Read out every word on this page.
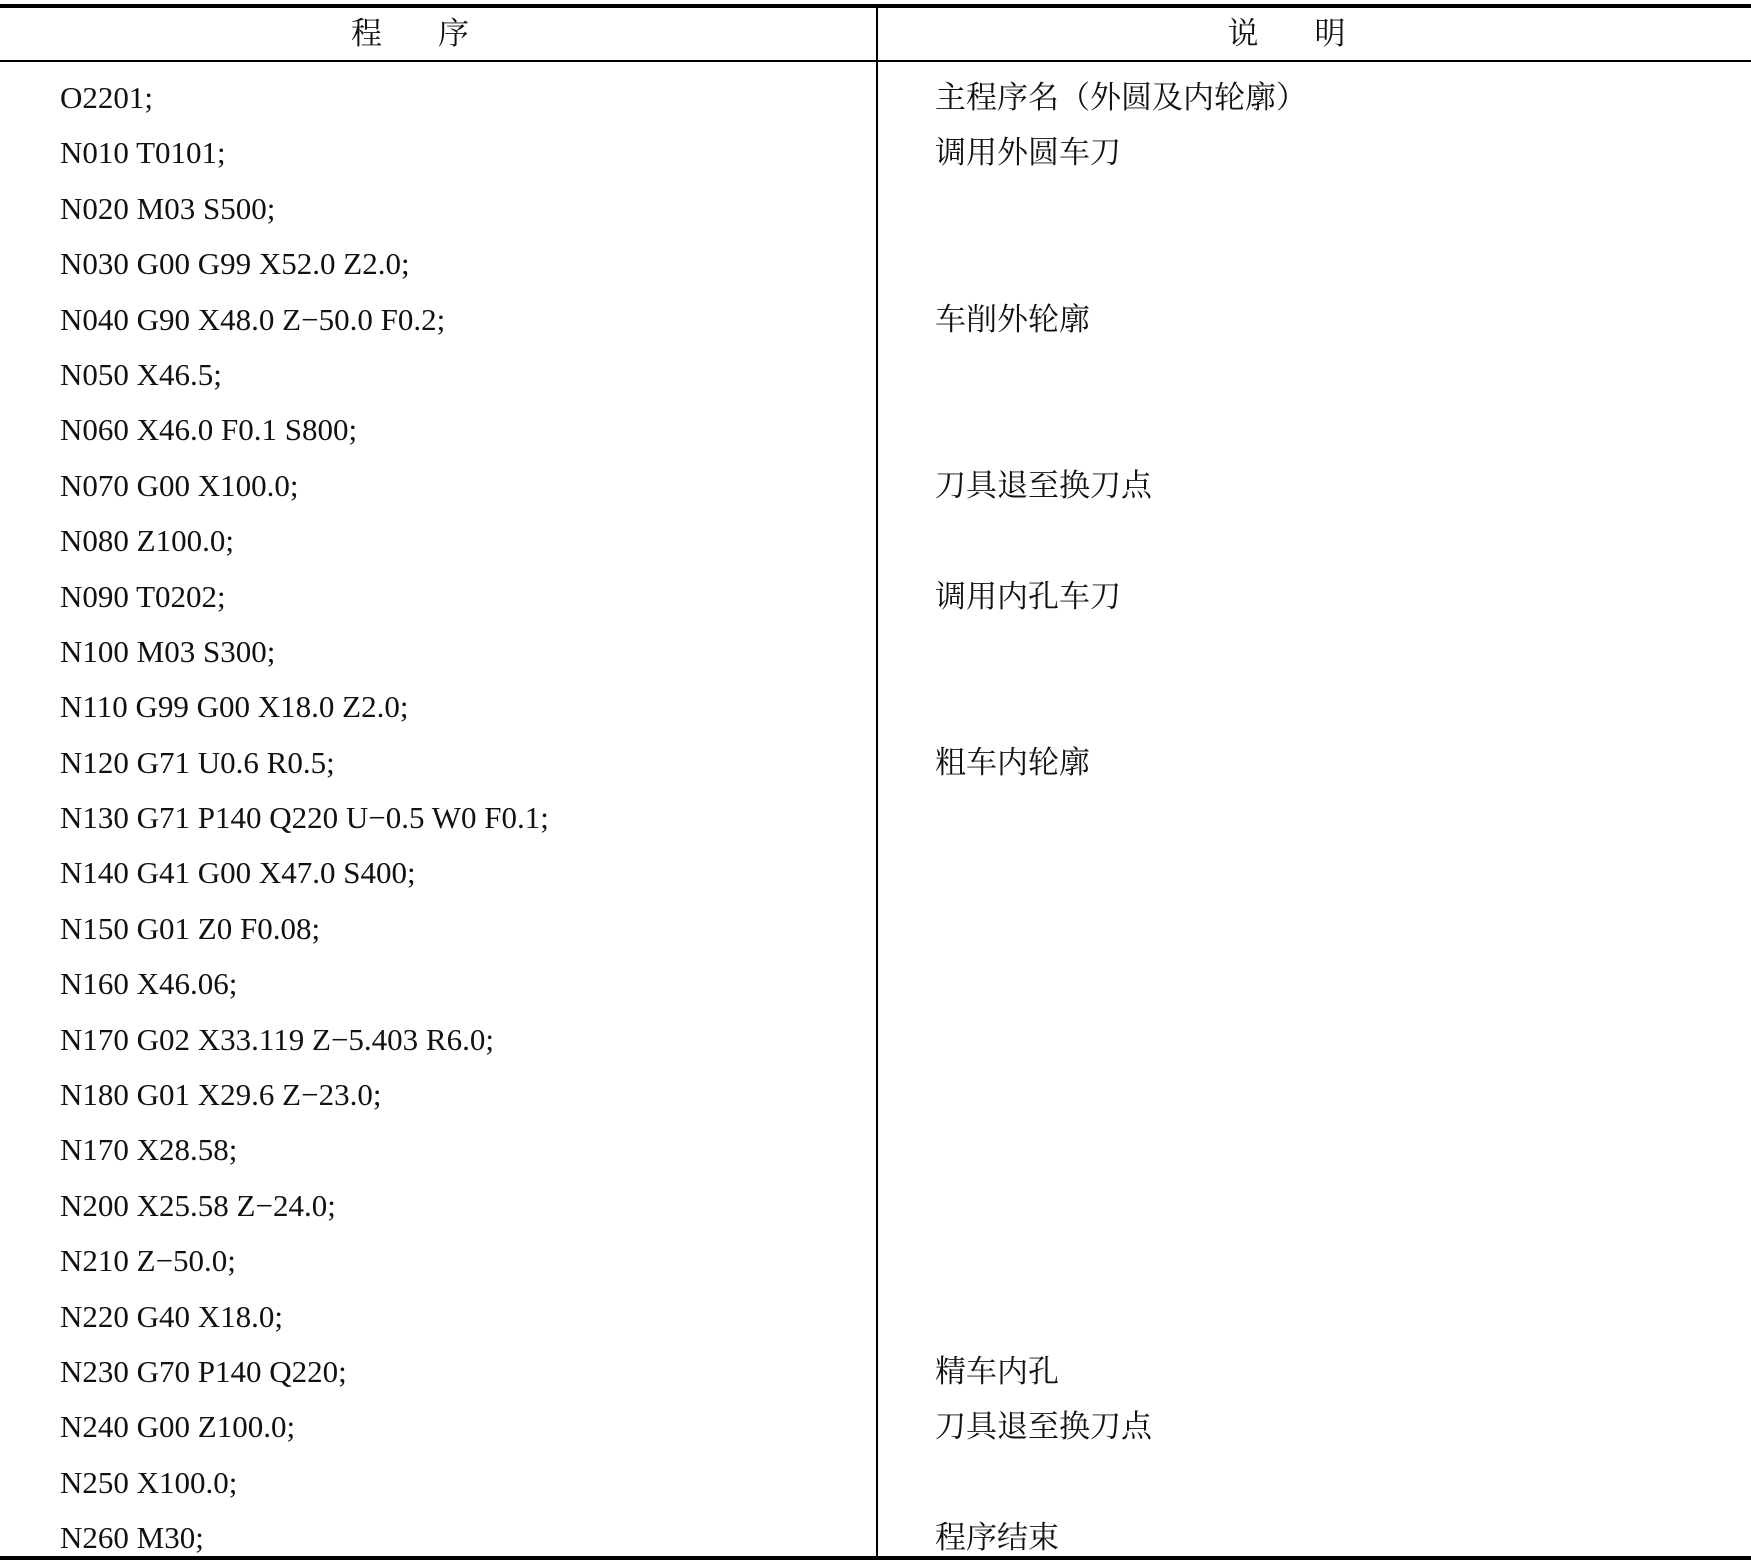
程序	说明
O2201;	主程序名（外圆及内轮廓）
N010 T0101;	调用外圆车刀
N020 M03 S500;
N030 G00 G99 X52.0 Z2.0;
N040 G90 X48.0 Z−50.0 F0.2;	车削外轮廓
N050 X46.5;
N060 X46.0 F0.1 S800;
N070 G00 X100.0;	刀具退至换刀点
N080 Z100.0;
N090 T0202;	调用内孔车刀
N100 M03 S300;
N110 G99 G00 X18.0 Z2.0;
N120 G71 U0.6 R0.5;	粗车内轮廓
N130 G71 P140 Q220 U−0.5 W0 F0.1;
N140 G41 G00 X47.0 S400;
N150 G01 Z0 F0.08;
N160 X46.06;
N170 G02 X33.119 Z−5.403 R6.0;
N180 G01 X29.6 Z−23.0;
N170 X28.58;
N200 X25.58 Z−24.0;
N210 Z−50.0;
N220 G40 X18.0;
N230 G70 P140 Q220;	精车内孔
N240 G00 Z100.0;	刀具退至换刀点
N250 X100.0;
N260 M30;	程序结束
